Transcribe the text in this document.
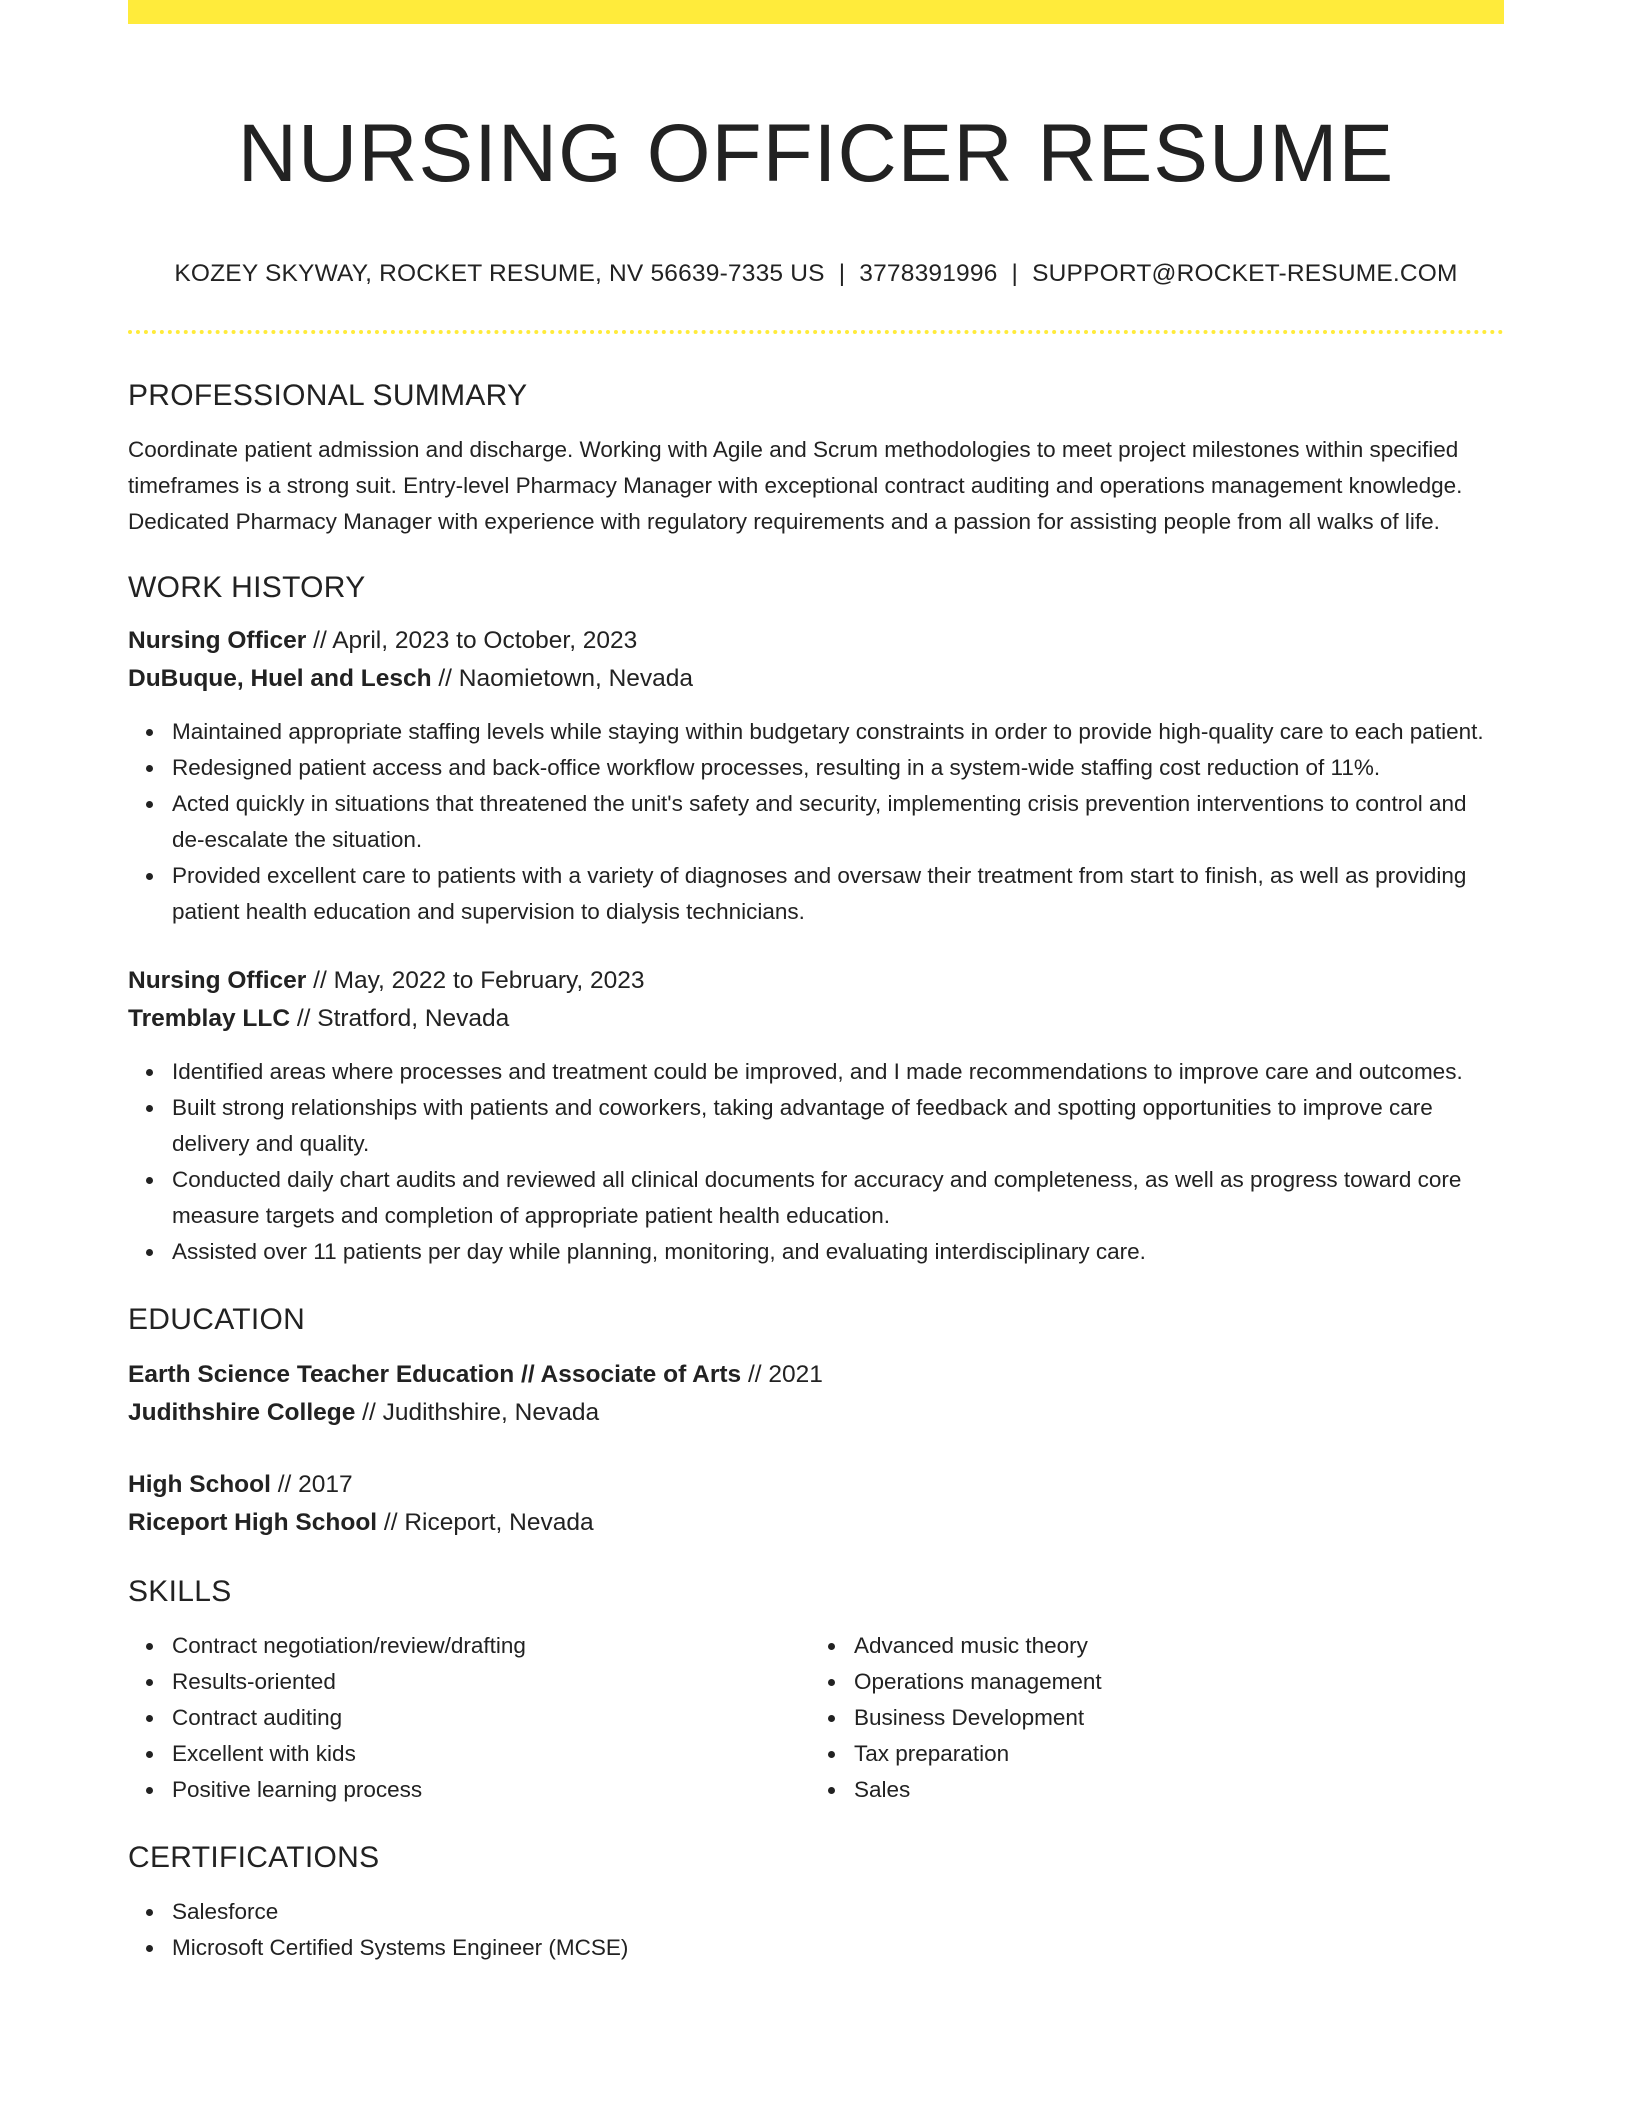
NURSING OFFICER RESUME
KOZEY SKYWAY, ROCKET RESUME, NV 56639-7335 US | 3778391996 | SUPPORT@ROCKET-RESUME.COM
PROFESSIONAL SUMMARY

Coordinate patient admission and discharge. Working with Agile and Scrum methodologies to meet project milestones within specified timeframes is a strong suit. Entry-level Pharmacy Manager with exceptional contract auditing and operations management knowledge. Dedicated Pharmacy Manager with experience with regulatory requirements and a passion for assisting people from all walks of life.

WORK HISTORY
Nursing Officer // April, 2023 to October, 2023
DuBuque, Huel and Lesch // Naomietown, Nevada
Maintained appropriate staffing levels while staying within budgetary constraints in order to provide high-quality care to each patient.
Redesigned patient access and back-office workflow processes, resulting in a system-wide staffing cost reduction of 11%.
Acted quickly in situations that threatened the unit's safety and security, implementing crisis prevention interventions to control and de-escalate the situation.
Provided excellent care to patients with a variety of diagnoses and oversaw their treatment from start to finish, as well as providing patient health education and supervision to dialysis technicians.
Nursing Officer // May, 2022 to February, 2023
Tremblay LLC // Stratford, Nevada
Identified areas where processes and treatment could be improved, and I made recommendations to improve care and outcomes.
Built strong relationships with patients and coworkers, taking advantage of feedback and spotting opportunities to improve care delivery and quality.
Conducted daily chart audits and reviewed all clinical documents for accuracy and completeness, as well as progress toward core measure targets and completion of appropriate patient health education.
Assisted over 11 patients per day while planning, monitoring, and evaluating interdisciplinary care.
EDUCATION
Earth Science Teacher Education // Associate of Arts // 2021
Judithshire College // Judithshire, Nevada
High School // 2017
Riceport High School // Riceport, Nevada
SKILLS
Contract negotiation/review/drafting
Results-oriented
Contract auditing
Excellent with kids
Positive learning process
Advanced music theory
Operations management
Business Development
Tax preparation
Sales
CERTIFICATIONS
Salesforce
Microsoft Certified Systems Engineer (MCSE)
